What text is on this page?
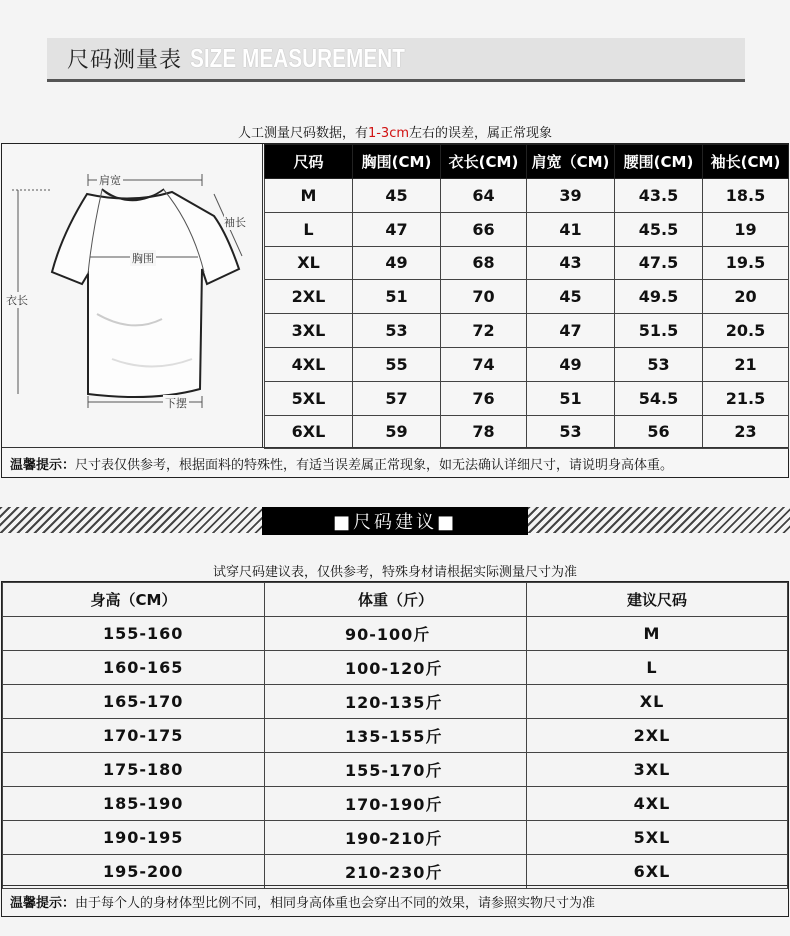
尺码测量表 SIZE MEASUREMENT
人工测量尺码数据，有1-3cm左右的误差，属正常现象
肩宽
袖长
胸围
衣长
下摆
尺码	胸围(CM)	衣长(CM)	肩宽（CM)	腰围(CM)	袖长(CM)
M	45	64	39	43.5	18.5
L	47	66	41	45.5	19
XL	49	68	43	47.5	19.5
2XL	51	70	45	49.5	20
3XL	53	72	47	51.5	20.5
4XL	55	74	49	53	21
5XL	57	76	51	54.5	21.5
6XL	59	78	53	56	23
温馨提示：尺寸表仅供参考，根据面料的特殊性，有适当误差属正常现象，如无法确认详细尺寸，请说明身高体重。
■尺码建议■
试穿尺码建议表，仅供参考，特殊身材请根据实际测量尺寸为准
身高（CM）	体重（斤）	建议尺码
155-160	90-100斤	M
160-165	100-120斤	L
165-170	120-135斤	XL
170-175	135-155斤	2XL
175-180	155-170斤	3XL
185-190	170-190斤	4XL
190-195	190-210斤	5XL
195-200	210-230斤	6XL
温馨提示：由于每个人的身材体型比例不同，相同身高体重也会穿出不同的效果，请参照实物尺寸为准
